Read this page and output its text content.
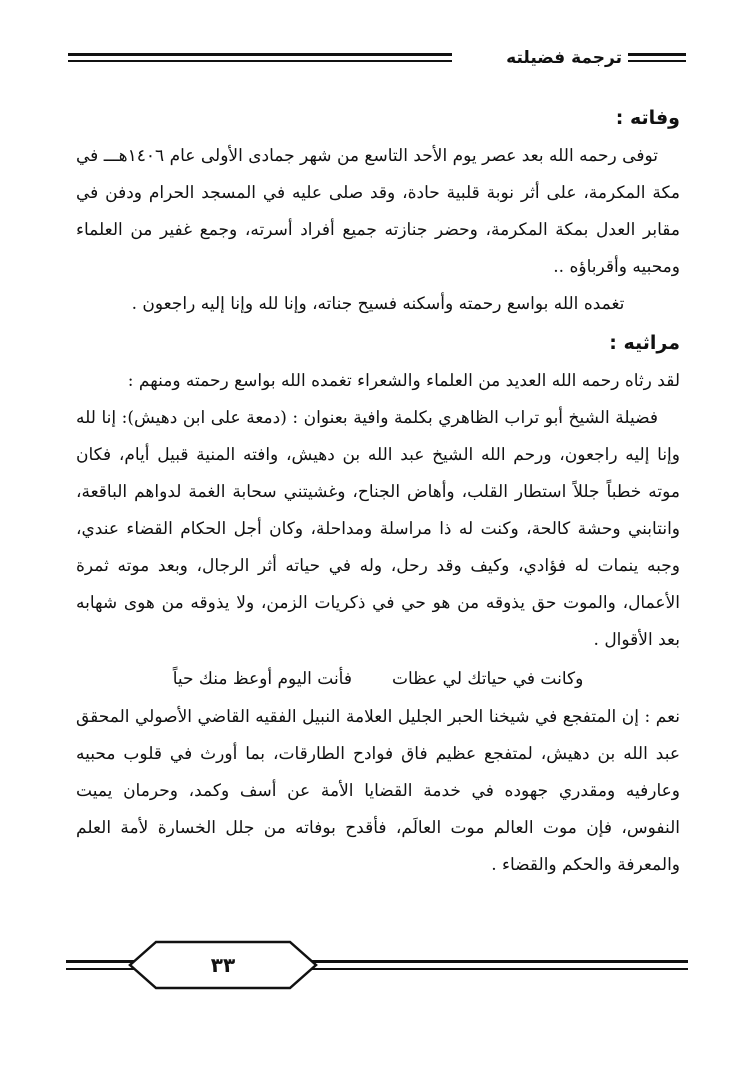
ترجمة فضيلته
وفاته :

توفى رحمه الله بعد عصر يوم الأحد التاسع من شهر جمادى الأولى عام ١٤٠٦هـــ في مكة المكرمة، على أثر نوبة قلبية حادة، وقد صلى عليه في المسجد الحرام ودفن في مقابر العدل بمكة المكرمة، وحضر جنازته جميع أفراد أسرته، وجمع غفير من العلماء ومحبيه وأقرباؤه ..

تغمده الله بواسع رحمته وأسكنه فسيح جناته، وإنا لله وإنا إليه راجعون .

مراثيه :

لقد رثاه رحمه الله العديد من العلماء والشعراء تغمده الله بواسع رحمته ومنهم :

فضيلة الشيخ أبو تراب الظاهري بكلمة وافية بعنوان : (دمعة على ابن دهيش): إنا لله وإنا إليه راجعون، ورحم الله الشيخ عبد الله بن دهيش، وافته المنية قبيل أيام، فكان موته خطباً جللاً استطار القلب، وأهاض الجناح، وغشيتني سحابة الغمة لدواهم الباقعة، وانتابني وحشة كالحة، وكنت له ذا مراسلة ومداحلة، وكان أجل الحكام القضاء عندي، وجبه ينمات له فؤادي، وكيف وقد رحل، وله في حياته أثر الرجال، وبعد موته ثمرة الأعمال، والموت حق يذوقه من هو حي في ذكريات الزمن، ولا يذوقه من هوى شهابه بعد الأقوال .

وكانت في حياتك لي عظات
فأنت اليوم أوعظ منك حياً

نعم : إن المتفجع في شيخنا الحبر الجليل العلامة النبيل الفقيه القاضي الأصولي المحقق عبد الله بن دهيش، لمتفجع عظيم فاق فوادح الطارقات، بما أورث في قلوب محبيه وعارفيه ومقدري جهوده في خدمة القضايا الأمة عن أسف وكمد، وحرمان يميت النفوس، فإن موت العالم موت العالَم، فأقدح بوفاته من جلل الخسارة لأمة العلم والمعرفة والحكم والقضاء .

٣٣
